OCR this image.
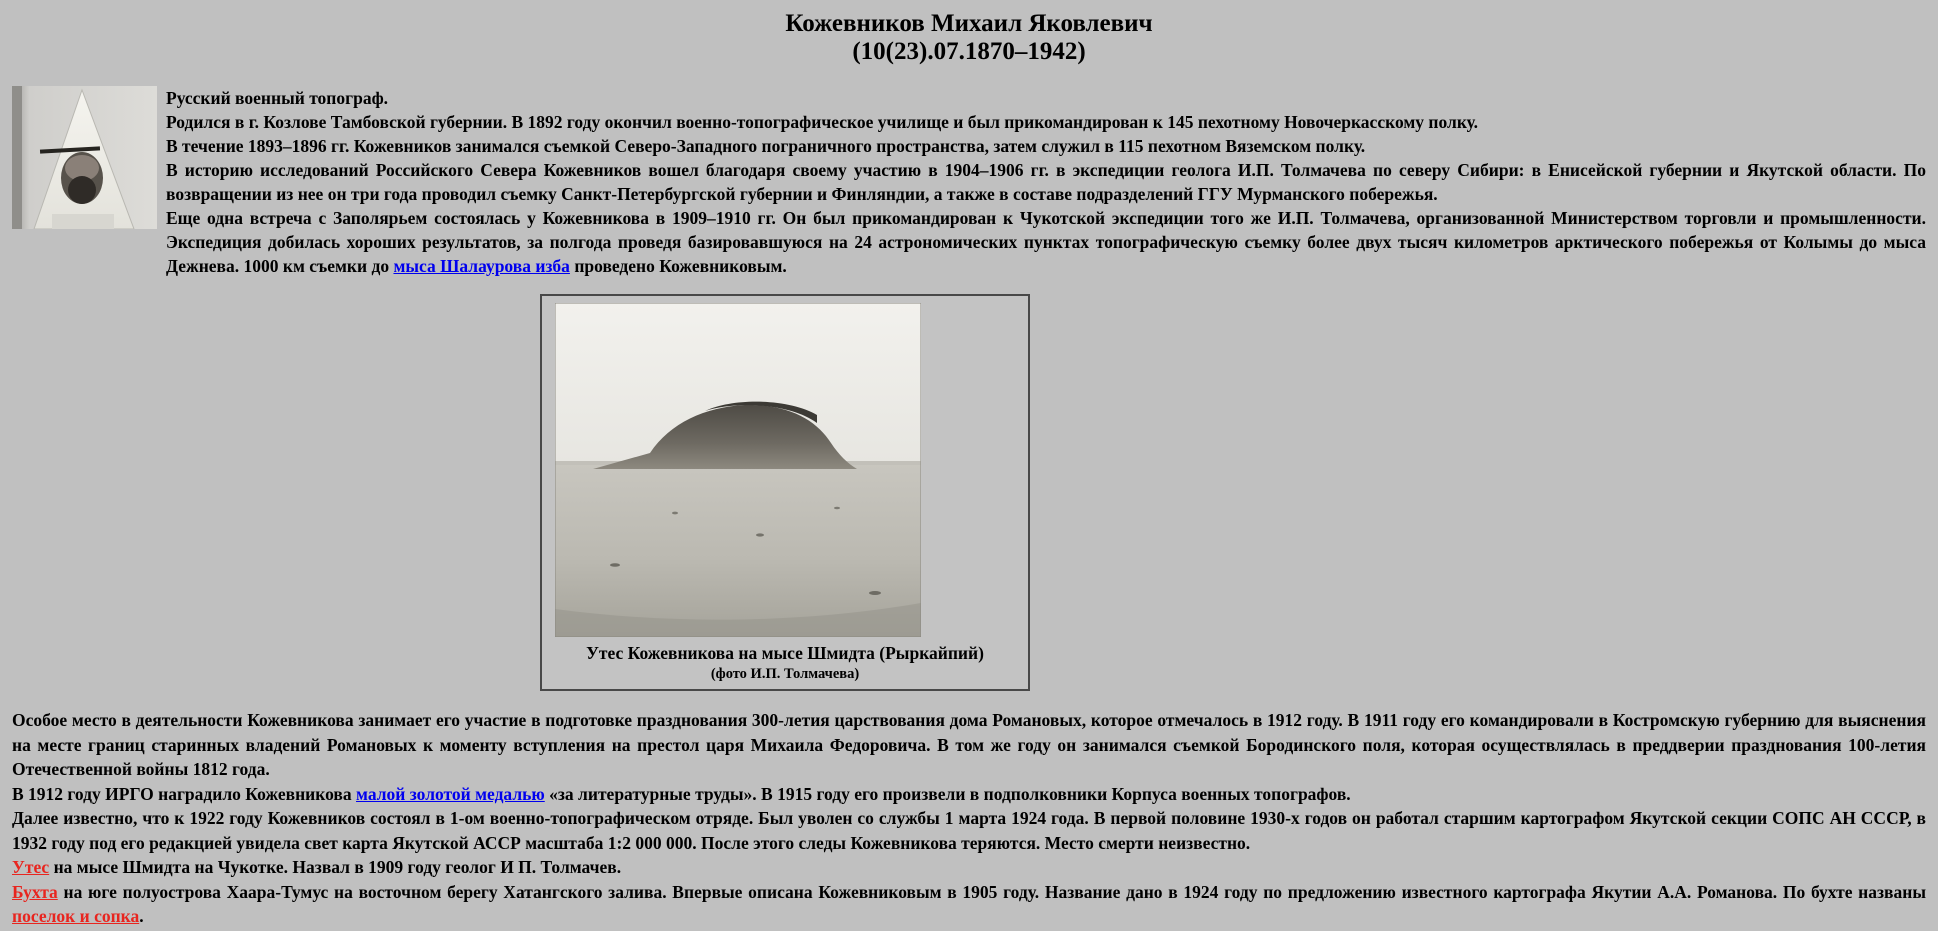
Кожевников Михаил Яковлевич
(10(23).07.1870–1942)

Русский военный топограф.

Родился в г. Козлове Тамбовской губернии. В 1892 году окончил военно-топографическое училище и был прикомандирован к 145 пехотному Новочеркасскому полку.

В течение 1893–1896 гг. Кожевников занимался съемкой Северо-Западного пограничного пространства, затем служил в 115 пехотном Вяземском полку.

В историю исследований Российского Севера Кожевников вошел благодаря своему участию в 1904–1906 гг. в экспедиции геолога И.П. Толмачева по северу Сибири: в Енисейской губернии и Якутской области. По возвращении из нее он три года проводил съемку Санкт-Петербургской губернии и Финляндии, а также в составе подразделений ГГУ Мурманского побережья.

Еще одна встреча с Заполярьем состоялась у Кожевникова в 1909–1910 гг. Он был прикомандирован к Чукотской экспедиции того же И.П. Толмачева, организованной Министерством торговли и промышленности. Экспедиция добилась хороших результатов, за полгода проведя базировавшуюся на 24 астрономических пунктах топографическую съемку более двух тысяч километров арктического побережья от Колымы до мыса Дежнева. 1000 км съемки до мыса Шалаурова изба проведено Кожевниковым.

Утес Кожевникова на мысе Шмидта (Рыркайпий)
(фото И.П. Толмачева)

Особое место в деятельности Кожевникова занимает его участие в подготовке празднования 300-летия царствования дома Романовых, которое отмечалось в 1912 году. В 1911 году его командировали в Костромскую губернию для выяснения на месте границ старинных владений Романовых к моменту вступления на престол царя Михаила Федоровича. В том же году он занимался съемкой Бородинского поля, которая осуществлялась в преддверии празднования 100-летия Отечественной войны 1812 года.

В 1912 году ИРГО наградило Кожевникова малой золотой медалью «за литературные труды». В 1915 году его произвели в подполковники Корпуса военных топографов.

Далее известно, что к 1922 году Кожевников состоял в 1-ом военно-топографическом отряде. Был уволен со службы 1 марта 1924 года. В первой половине 1930-х годов он работал старшим картографом Якутской секции СОПС АН СССР, в 1932 году под его редакцией увидела свет карта Якутской АССР масштаба 1:2 000 000. После этого следы Кожевникова теряются. Место смерти неизвестно.

Утес на мысе Шмидта на Чукотке. Назвал в 1909 году геолог И П. Толмачев.

Бухта на юге полуострова Хаара-Тумус на восточном берегу Хатангского залива. Впервые описана Кожевниковым в 1905 году. Название дано в 1924 году по предложению известного картографа Якутии А.А. Романова. По бухте названы поселок и сопка.
